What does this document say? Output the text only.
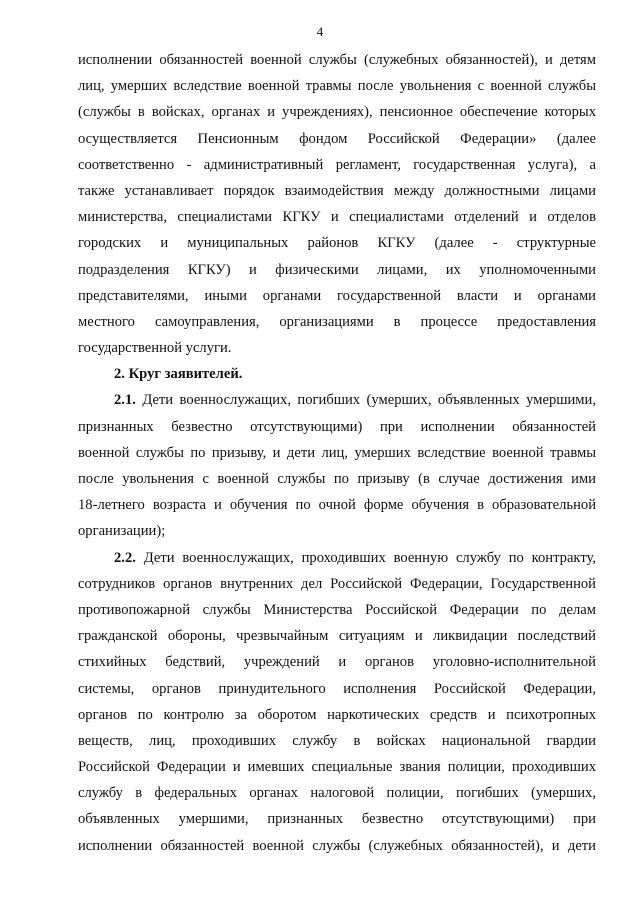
4
исполнении обязанностей военной службы (служебных обязанностей), и детям
лиц, умерших вследствие военной травмы после увольнения с военной службы
(службы в войсках, органах и учреждениях), пенсионное обеспечение которых
осуществляется Пенсионным фондом Российской Федерации» (далее
соответственно - административный регламент, государственная услуга), а
также устанавливает порядок взаимодействия между должностными лицами
министерства, специалистами КГКУ и специалистами отделений и отделов
городских и муниципальных районов КГКУ (далее - структурные
подразделения КГКУ) и физическими лицами, их уполномоченными
представителями, иными органами государственной власти и органами
местного самоуправления, организациями в процессе предоставления
государственной услуги.
2. Круг заявителей.
2.1. Дети военнослужащих, погибших (умерших, объявленных умершими,
признанных безвестно отсутствующими) при исполнении обязанностей
военной службы по призыву, и дети лиц, умерших вследствие военной травмы
после увольнения с военной службы по призыву (в случае достижения ими
18-летнего возраста и обучения по очной форме обучения в образовательной
организации);
2.2. Дети военнослужащих, проходивших военную службу по контракту,
сотрудников органов внутренних дел Российской Федерации, Государственной
противопожарной службы Министерства Российской Федерации по делам
гражданской обороны, чрезвычайным ситуациям и ликвидации последствий
стихийных бедствий, учреждений и органов уголовно-исполнительной
системы, органов принудительного исполнения Российской Федерации,
органов по контролю за оборотом наркотических средств и психотропных
веществ, лиц, проходивших службу в войсках национальной гвардии
Российской Федерации и имевших специальные звания полиции, проходивших
службу в федеральных органах налоговой полиции, погибших (умерших,
объявленных умершими, признанных безвестно отсутствующими) при
исполнении обязанностей военной службы (служебных обязанностей), и дети
